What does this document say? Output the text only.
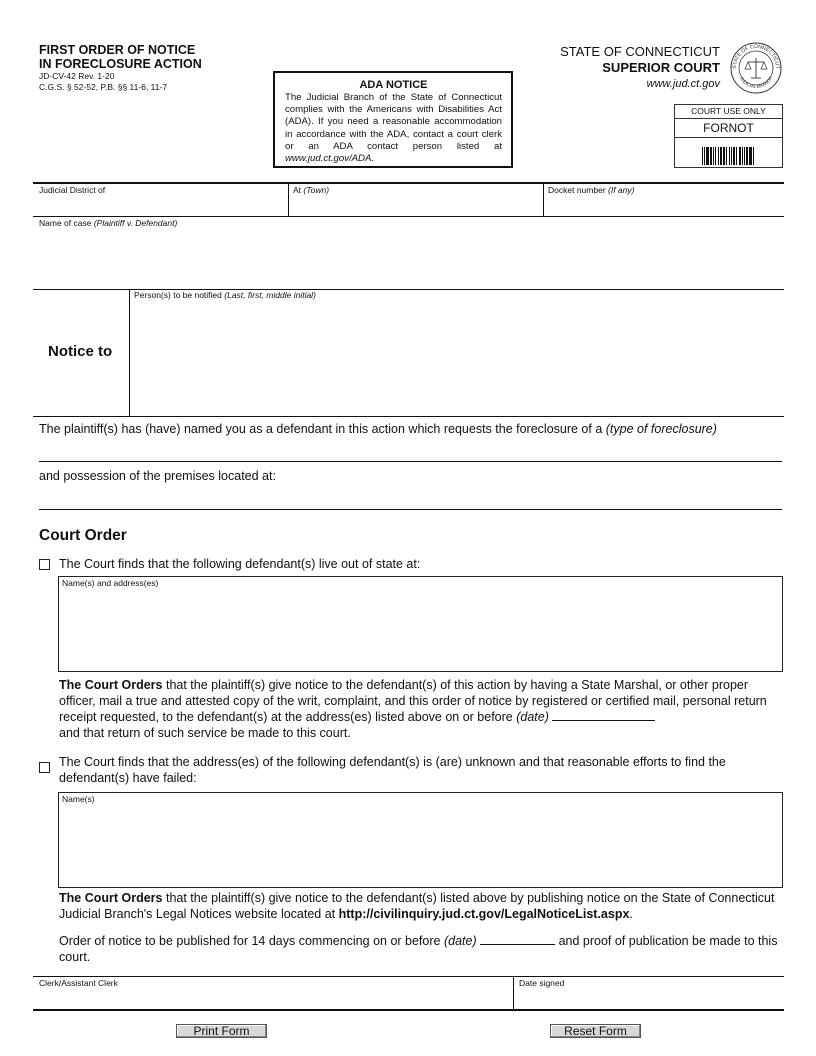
FIRST ORDER OF NOTICE
IN FORECLOSURE ACTION
JD-CV-42 Rev. 1-20
C.G.S. § 52-52, P.B. §§ 11-6, 11-7	ADA NOTICE
The Judicial Branch of the State of Connecticut complies with the Americans with Disabilities Act (ADA). If you need a reasonable accommodation in accordance with the ADA, contact a court clerk or an ADA contact person listed at www.jud.ct.gov/ADA.
STATE OF CONNECTICUT
SUPERIOR COURT
www.jud.ct.gov
STATE OF CONNECTICUT
JUDICIAL BRANCH
COURT USE ONLY
FORNOT
Judicial District of	At (Town)	Docket number (If any)
Name of case (Plaintiff v. Defendant)
Notice to
Person(s) to be notified (Last, first, middle initial)
The plaintiff(s) has (have) named you as a defendant in this action which requests the foreclosure of a (type of foreclosure)
and possession of the premises located at:
Court Order
The Court finds that the following defendant(s) live out of state at:
Name(s) and address(es)
The Court Orders that the plaintiff(s) give notice to the defendant(s) of this action by having a State Marshal, or other proper officer, mail a true and attested copy of the writ, complaint, and this order of notice by registered or certified mail, personal return receipt requested, to the defendant(s) at the address(es) listed above on or before (date)
and that return of such service be made to this court.
The Court finds that the address(es) of the following defendant(s) is (are) unknown and that reasonable efforts to find the defendant(s) have failed:
Name(s)
The Court Orders that the plaintiff(s) give notice to the defendant(s) listed above by publishing notice on the State of Connecticut Judicial Branch's Legal Notices website located at http://civilinquiry.jud.ct.gov/LegalNoticeList.aspx.
Order of notice to be published for 14 days commencing on or before (date)	and proof of publication be made to this court.
Clerk/Assistant Clerk	Date signed
Print Form	Reset Form
